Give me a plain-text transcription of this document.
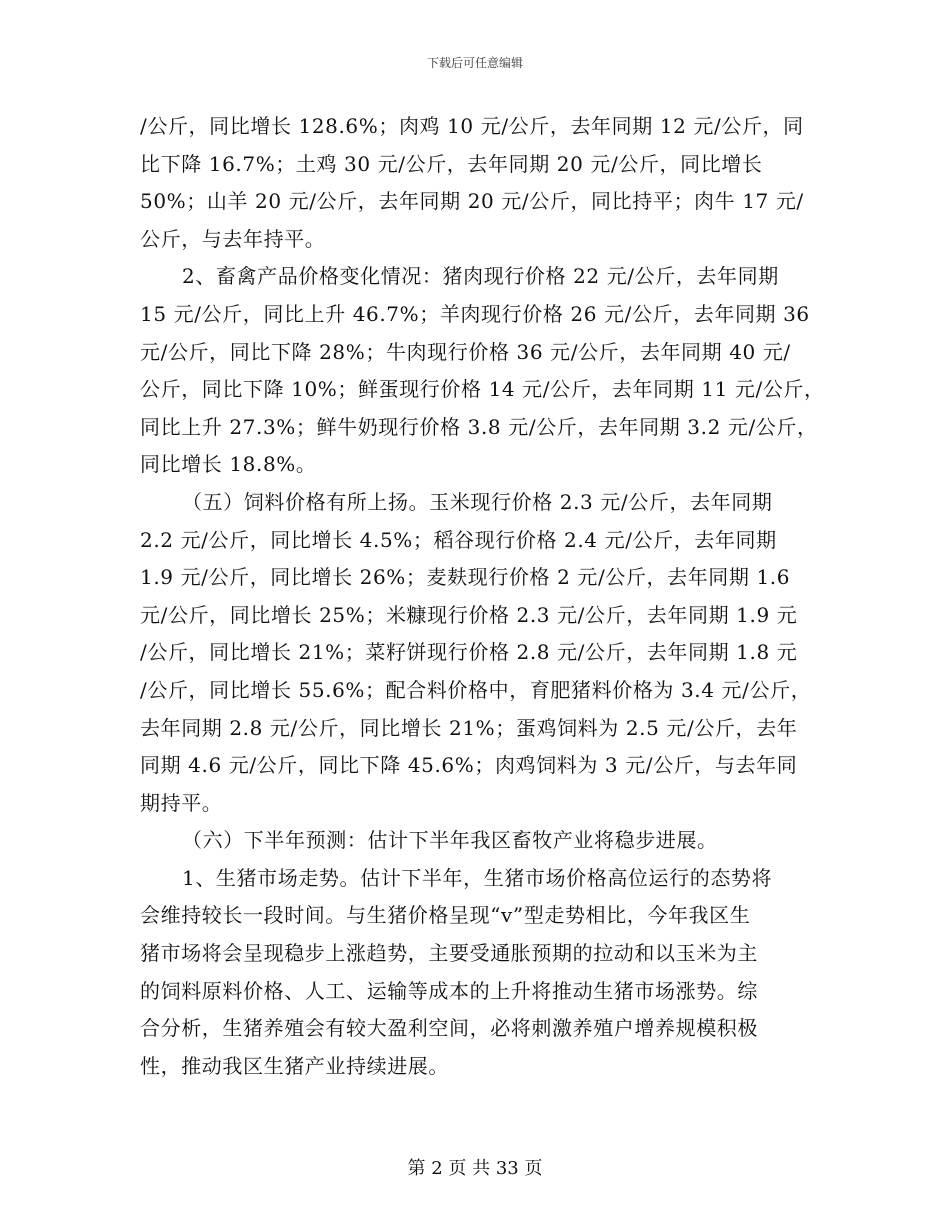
下载后可任意编辑
/公斤，同比增长 128.6%；肉鸡 10 元/公斤，去年同期 12 元/公斤，同
比下降 16.7%；土鸡 30 元/公斤，去年同期 20 元/公斤，同比增长
50%；山羊 20 元/公斤，去年同期 20 元/公斤，同比持平；肉牛 17 元/
公斤，与去年持平。
2、畜禽产品价格变化情况：猪肉现行价格 22 元/公斤，去年同期
15 元/公斤，同比上升 46.7%；羊肉现行价格 26 元/公斤，去年同期 36
元/公斤，同比下降 28%；牛肉现行价格 36 元/公斤，去年同期 40 元/
公斤，同比下降 10%；鲜蛋现行价格 14 元/公斤，去年同期 11 元/公斤，
同比上升 27.3%；鲜牛奶现行价格 3.8 元/公斤，去年同期 3.2 元/公斤，
同比增长 18.8%。
（五）饲料价格有所上扬。玉米现行价格 2.3 元/公斤，去年同期
2.2 元/公斤，同比增长 4.5%；稻谷现行价格 2.4 元/公斤，去年同期
1.9 元/公斤，同比增长 26%；麦麸现行价格 2 元/公斤，去年同期 1.6
元/公斤，同比增长 25%；米糠现行价格 2.3 元/公斤，去年同期 1.9 元
/公斤，同比增长 21%；菜籽饼现行价格 2.8 元/公斤，去年同期 1.8 元
/公斤，同比增长 55.6%；配合料价格中，育肥猪料价格为 3.4 元/公斤，
去年同期 2.8 元/公斤，同比增长 21%；蛋鸡饲料为 2.5 元/公斤，去年
同期 4.6 元/公斤，同比下降 45.6%；肉鸡饲料为 3 元/公斤，与去年同
期持平。
（六）下半年预测：估计下半年我区畜牧产业将稳步进展。
1、生猪市场走势。估计下半年，生猪市场价格高位运行的态势将
会维持较长一段时间。与生猪价格呈现“v”型走势相比，今年我区生
猪市场将会呈现稳步上涨趋势，主要受通胀预期的拉动和以玉米为主
的饲料原料价格、人工、运输等成本的上升将推动生猪市场涨势。综
合分析，生猪养殖会有较大盈利空间，必将刺激养殖户增养规模积极
性，推动我区生猪产业持续进展。
第 2 页 共 33 页
